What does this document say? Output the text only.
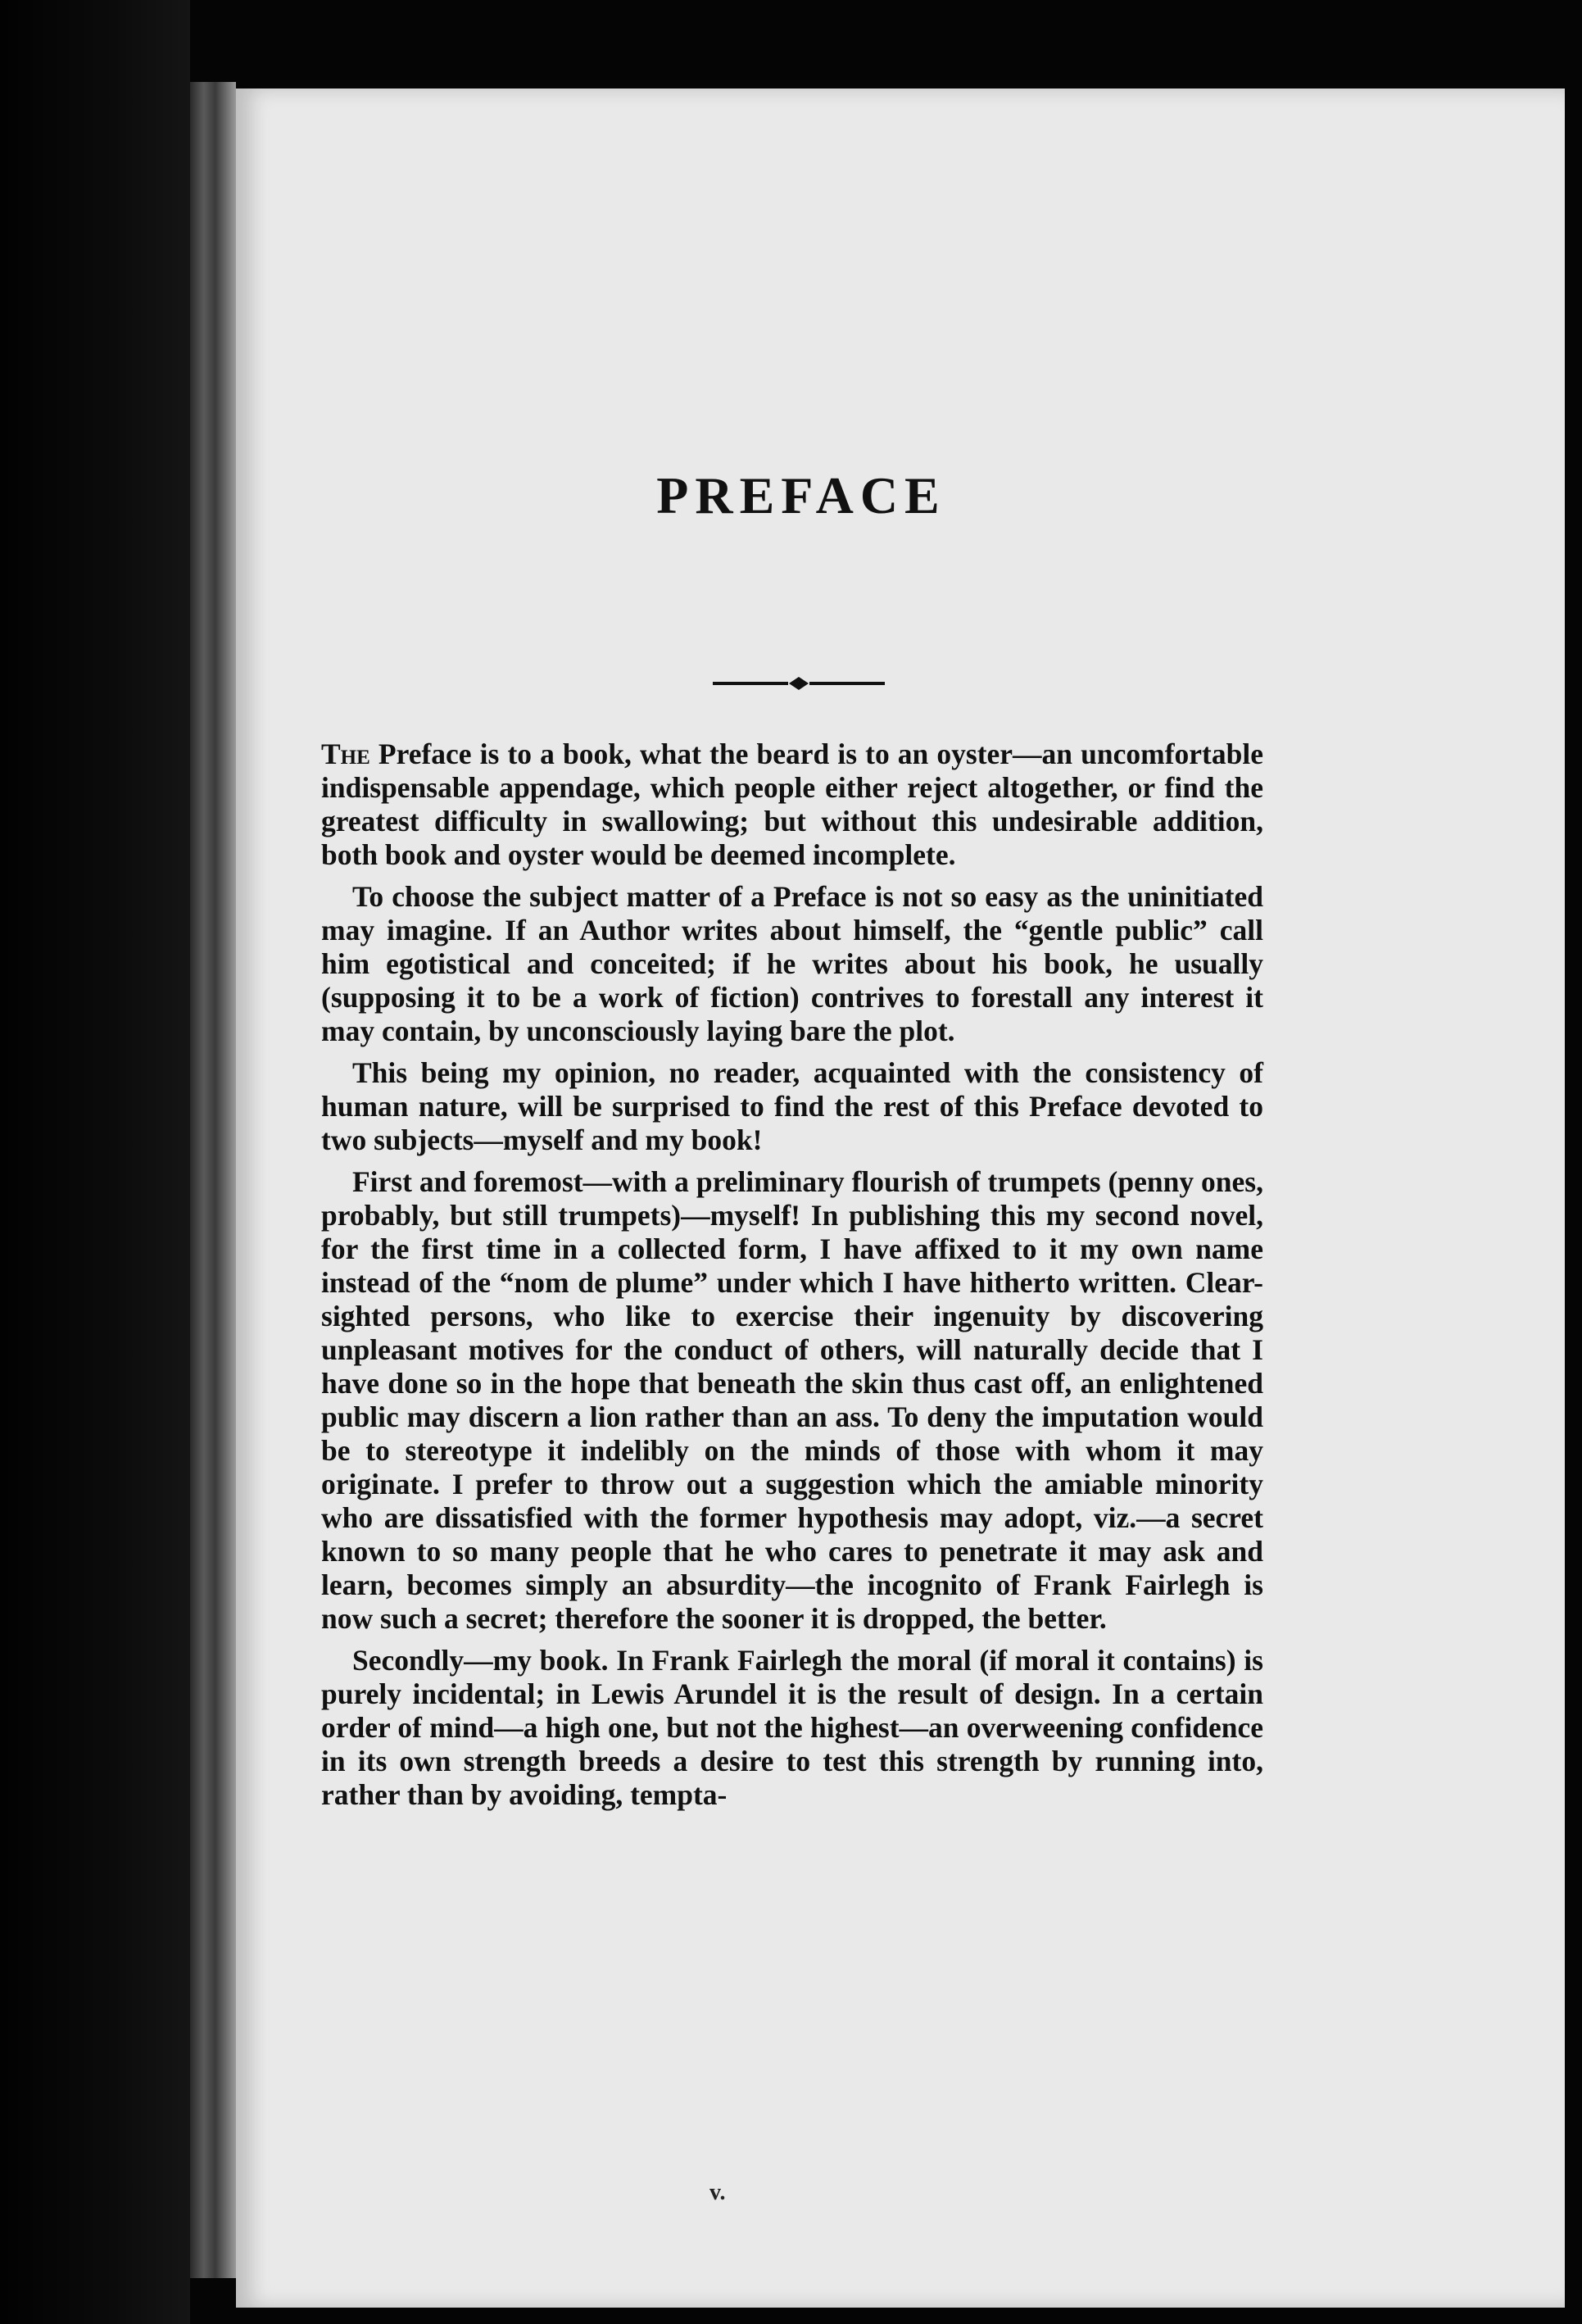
PREFACE

The Preface is to a book, what the beard is to an oyster—an uncomfortable indispensable appendage, which people either reject altogether, or find the greatest difficulty in swallowing; but without this undesirable addition, both book and oyster would be deemed incomplete.

To choose the subject matter of a Preface is not so easy as the uninitiated may imagine. If an Author writes about himself, the “gentle public” call him egotistical and conceited; if he writes about his book, he usually (supposing it to be a work of fiction) contrives to forestall any interest it may contain, by unconsciously laying bare the plot.

This being my opinion, no reader, acquainted with the consistency of human nature, will be surprised to find the rest of this Preface devoted to two subjects—myself and my book!

First and foremost—with a preliminary flourish of trumpets (penny ones, probably, but still trumpets)—myself! In publishing this my second novel, for the first time in a collected form, I have affixed to it my own name instead of the “nom de plume” under which I have hitherto written. Clear-sighted persons, who like to exercise their ingenuity by discovering unpleasant motives for the conduct of others, will naturally decide that I have done so in the hope that beneath the skin thus cast off, an enlightened public may discern a lion rather than an ass. To deny the imputation would be to stereotype it indelibly on the minds of those with whom it may originate. I prefer to throw out a suggestion which the amiable minority who are dissatisfied with the former hypothesis may adopt, viz.—a secret known to so many people that he who cares to penetrate it may ask and learn, becomes simply an absurdity—the incognito of Frank Fairlegh is now such a secret; therefore the sooner it is dropped, the better.

Secondly—my book. In Frank Fairlegh the moral (if moral it contains) is purely incidental; in Lewis Arundel it is the result of design. In a certain order of mind—a high one, but not the highest—an overweening confidence in its own strength breeds a desire to test this strength by running into, rather than by avoiding, tempta-

v.
